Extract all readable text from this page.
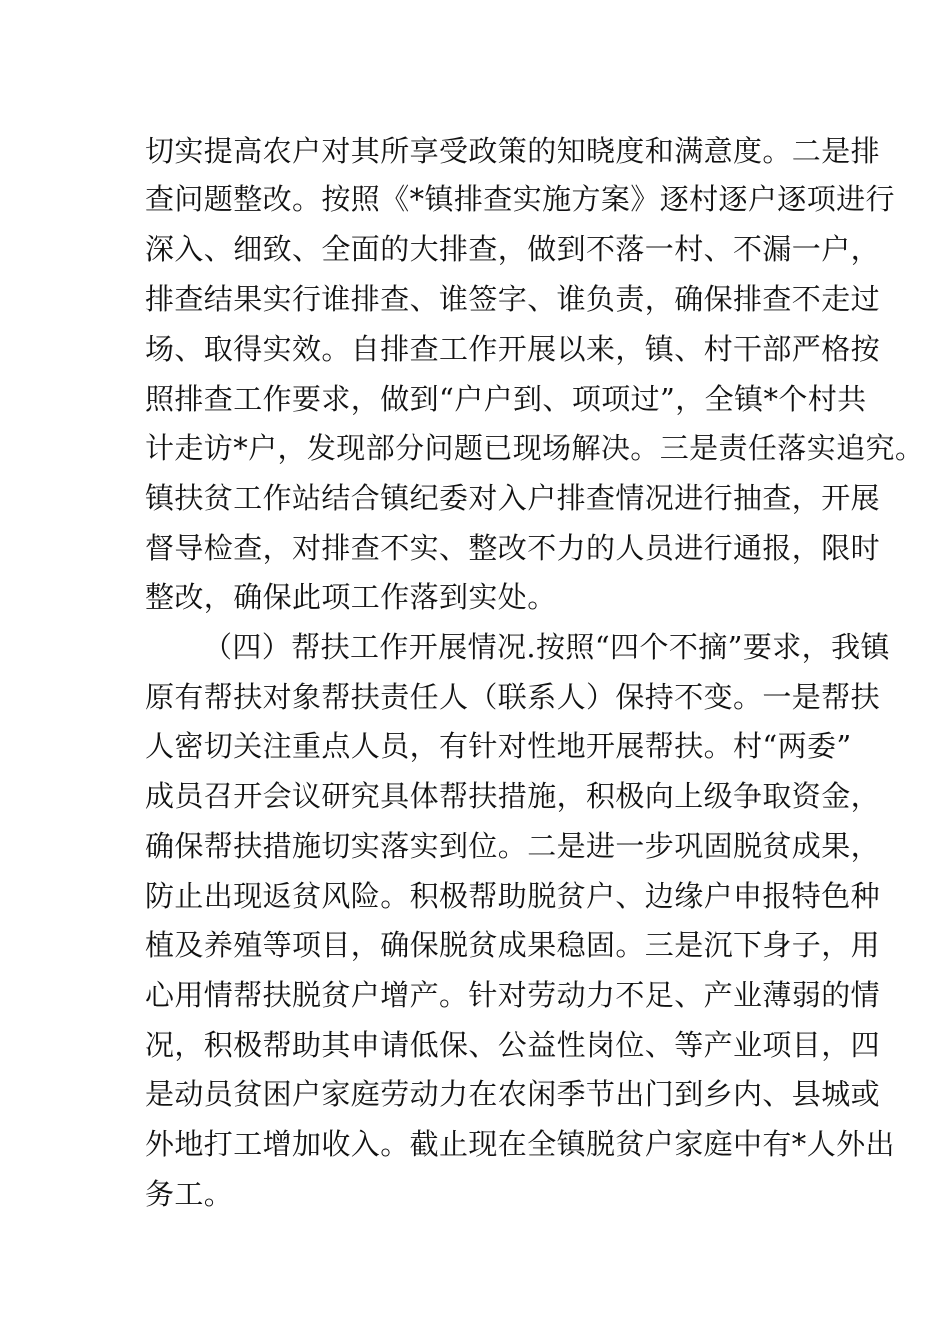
切实提高农户对其所享受政策的知晓度和满意度。二是排
查问题整改。按照《*镇排查实施方案》逐村逐户逐项进行
深入、细致、全面的大排查，做到不落一村、不漏一户，
排查结果实行谁排查、谁签字、谁负责，确保排查不走过
场、取得实效。自排查工作开展以来，镇、村干部严格按
照排查工作要求，做到“户户到、项项过”，全镇*个村共
计走访*户，发现部分问题已现场解决。三是责任落实追究。
镇扶贫工作站结合镇纪委对入户排查情况进行抽查，开展
督导检查，对排查不实、整改不力的人员进行通报，限时
整改，确保此项工作落到实处。
（四）帮扶工作开展情况.按照“四个不摘”要求，我镇
原有帮扶对象帮扶责任人（联系人）保持不变。一是帮扶
人密切关注重点人员，有针对性地开展帮扶。村“两委”
成员召开会议研究具体帮扶措施，积极向上级争取资金，
确保帮扶措施切实落实到位。二是进一步巩固脱贫成果，
防止出现返贫风险。积极帮助脱贫户、边缘户申报特色种
植及养殖等项目，确保脱贫成果稳固。三是沉下身子，用
心用情帮扶脱贫户增产。针对劳动力不足、产业薄弱的情
况，积极帮助其申请低保、公益性岗位、等产业项目，四
是动员贫困户家庭劳动力在农闲季节出门到乡内、县城或
外地打工增加收入。截止现在全镇脱贫户家庭中有*人外出
务工。
